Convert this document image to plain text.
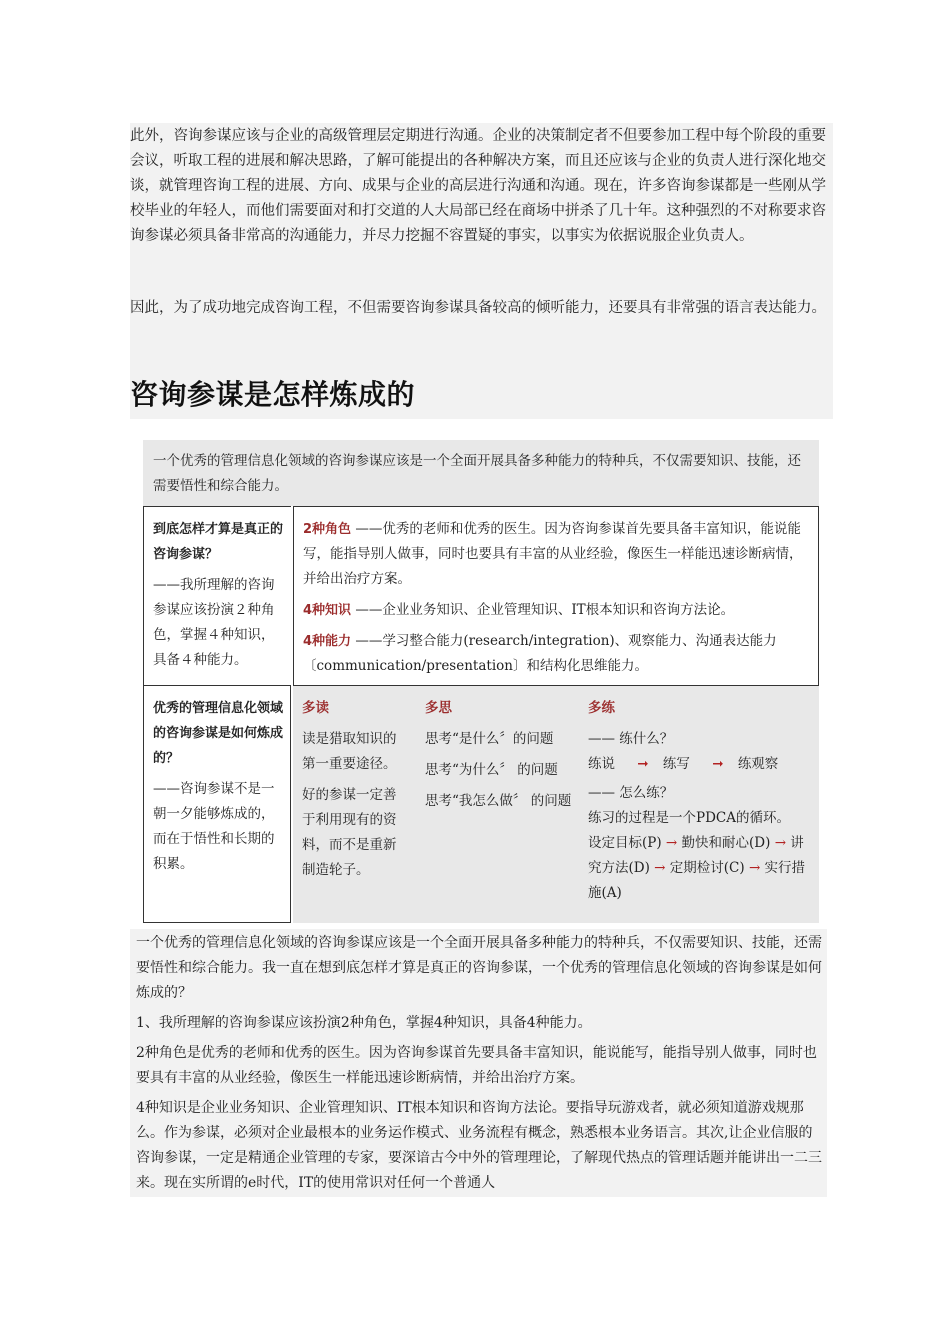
此外，咨询参谋应该与企业的高级管理层定期进行沟通。企业的决策制定者不但要参加工程中每个阶段的重要会议，听取工程的进展和解决思路，了解可能提出的各种解决方案，而且还应该与企业的负责人进行深化地交谈，就管理咨询工程的进展、方向、成果与企业的高层进行沟通和沟通。现在，许多咨询参谋都是一些刚从学校毕业的年轻人，而他们需要面对和打交道的人大局部已经在商场中拼杀了几十年。这种强烈的不对称要求咨询参谋必须具备非常高的沟通能力，并尽力挖掘不容置疑的事实，以事实为依据说服企业负责人。

因此，为了成功地完成咨询工程，不但需要咨询参谋具备较高的倾听能力，还要具有非常强的语言表达能力。

咨询参谋是怎样炼成的

一个优秀的管理信息化领域的咨询参谋应该是一个全面开展具备多种能力的特种兵，不仅需要知识、技能，还需要悟性和综合能力。

到底怎样才算是真正的咨询参谋？
——我所理解的咨询参谋应该扮演２种角色，掌握４种知识，具备４种能力。
2种角色 ——优秀的老师和优秀的医生。因为咨询参谋首先要具备丰富知识，能说能写，能指导别人做事，同时也要具有丰富的从业经验，像医生一样能迅速诊断病情，并给出治疗方案。
4种知识 ——企业业务知识、企业管理知识、IT根本知识和咨询方法论。
4种能力 ——学习整合能力(research/integration)、观察能力、沟通表达能力〔communication/presentation〕和结构化思维能力。
优秀的管理信息化领域的咨询参谋是如何炼成的？
——咨询参谋不是一朝一夕能够炼成的，而在于悟性和长期的积累。
多读
读是猎取知识的第一重要途径。
好的参谋一定善于利用现有的资料，而不是重新制造轮子。
多思
思考“是什么〞的问题
思考“为什么〞 的问题
思考“我怎么做〞 的问题
多练
—— 练什么？
练说 ➞ 练写 ➞ 练观察
—— 怎么练？
练习的过程是一个PDCA的循环。
设定目标(P) → 勤快和耐心(D) → 讲究方法(D) → 定期检讨(C) → 实行措施(A)

一个优秀的管理信息化领域的咨询参谋应该是一个全面开展具备多种能力的特种兵，不仅需要知识、技能，还需要悟性和综合能力。我一直在想到底怎样才算是真正的咨询参谋，一个优秀的管理信息化领域的咨询参谋是如何炼成的？

1、我所理解的咨询参谋应该扮演2种角色，掌握4种知识，具备4种能力。

2种角色是优秀的老师和优秀的医生。因为咨询参谋首先要具备丰富知识，能说能写，能指导别人做事，同时也要具有丰富的从业经验，像医生一样能迅速诊断病情，并给出治疗方案。

4种知识是企业业务知识、企业管理知识、IT根本知识和咨询方法论。要指导玩游戏者，就必须知道游戏规那么。作为参谋，必须对企业最根本的业务运作模式、业务流程有概念，熟悉根本业务语言。其次,让企业信服的咨询参谋，一定是精通企业管理的专家，要深谙古今中外的管理理论，了解现代热点的管理话题并能讲出一二三来。现在实所谓的e时代，IT的使用常识对任何一个普通人
